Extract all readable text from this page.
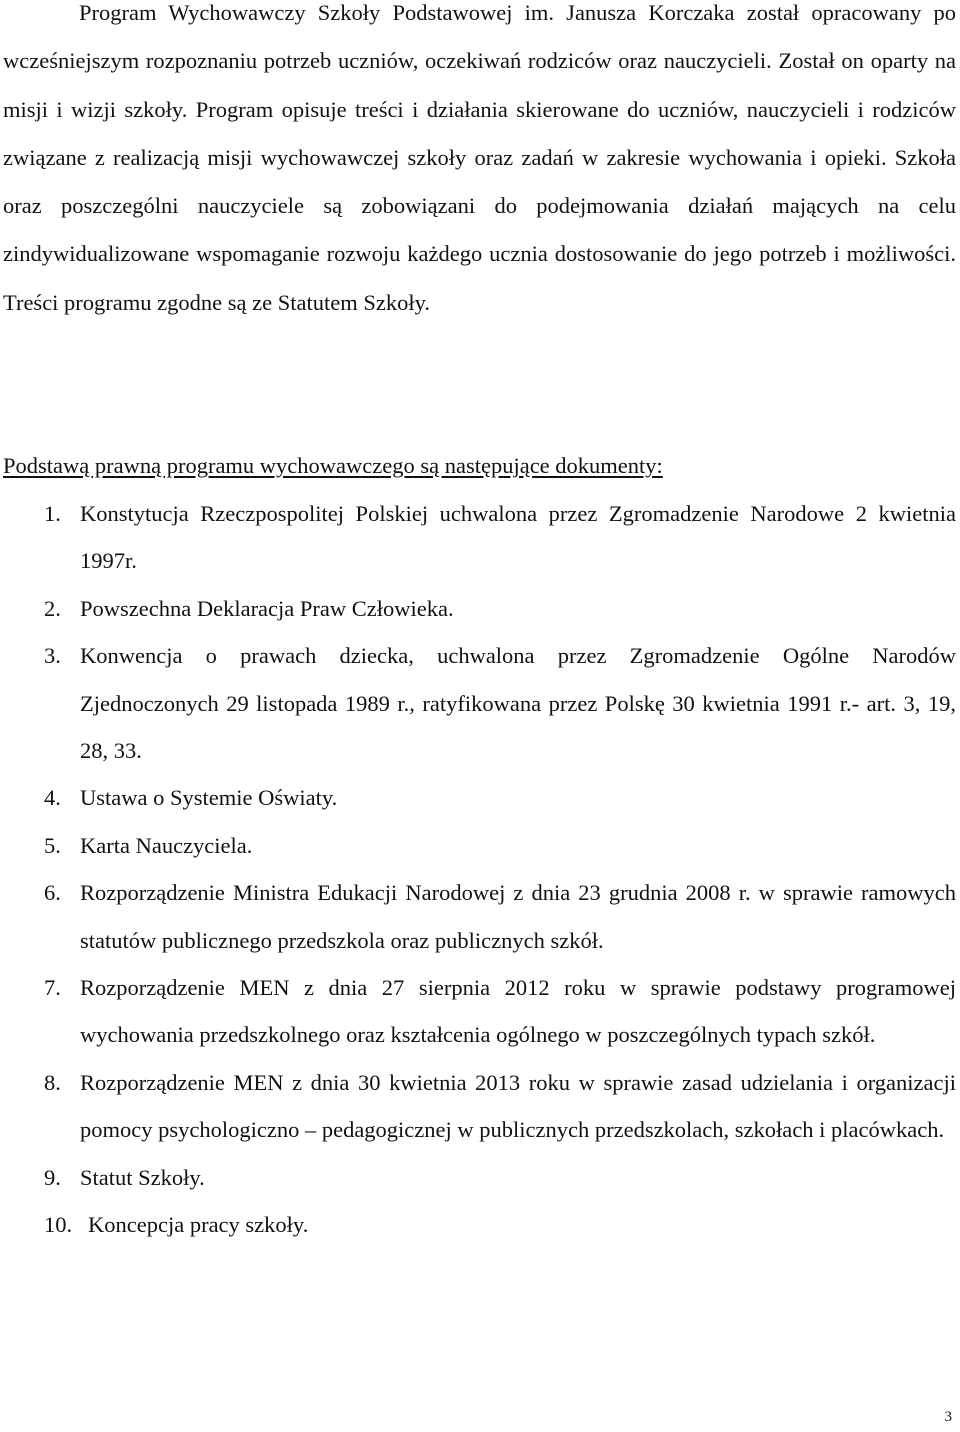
Program Wychowawczy Szkoły Podstawowej im. Janusza Korczaka został opracowany po wcześniejszym rozpoznaniu potrzeb uczniów, oczekiwań rodziców oraz nauczycieli. Został on oparty na misji i wizji szkoły. Program opisuje treści i działania skierowane do uczniów, nauczycieli i rodziców związane z realizacją misji wychowawczej szkoły oraz zadań w zakresie wychowania i opieki. Szkoła oraz poszczególni nauczyciele są zobowiązani do podejmowania działań mających na celu zindywidualizowane wspomaganie rozwoju każdego ucznia dostosowanie do jego potrzeb i możliwości. Treści programu zgodne są ze Statutem Szkoły.

Podstawą prawną programu wychowawczego są następujące dokumenty:

1. Konstytucja Rzeczpospolitej Polskiej uchwalona przez Zgromadzenie Narodowe 2 kwietnia 1997r.
2. Powszechna Deklaracja Praw Człowieka.
3. Konwencja o prawach dziecka, uchwalona przez Zgromadzenie Ogólne Narodów Zjednoczonych 29 listopada 1989 r., ratyfikowana przez Polskę 30 kwietnia 1991 r.- art. 3, 19, 28, 33.
4. Ustawa o Systemie Oświaty.
5. Karta Nauczyciela.
6. Rozporządzenie Ministra Edukacji Narodowej z dnia 23 grudnia 2008 r. w sprawie ramowych statutów publicznego przedszkola oraz publicznych szkół.
7. Rozporządzenie MEN z dnia 27 sierpnia 2012 roku w sprawie podstawy programowej wychowania przedszkolnego oraz kształcenia ogólnego w poszczególnych typach szkół.
8. Rozporządzenie MEN z dnia 30 kwietnia 2013 roku w sprawie zasad udzielania i organizacji pomocy psychologiczno – pedagogicznej w publicznych przedszkolach, szkołach i placówkach.
9. Statut Szkoły.
10. Koncepcja pracy szkoły.
3
